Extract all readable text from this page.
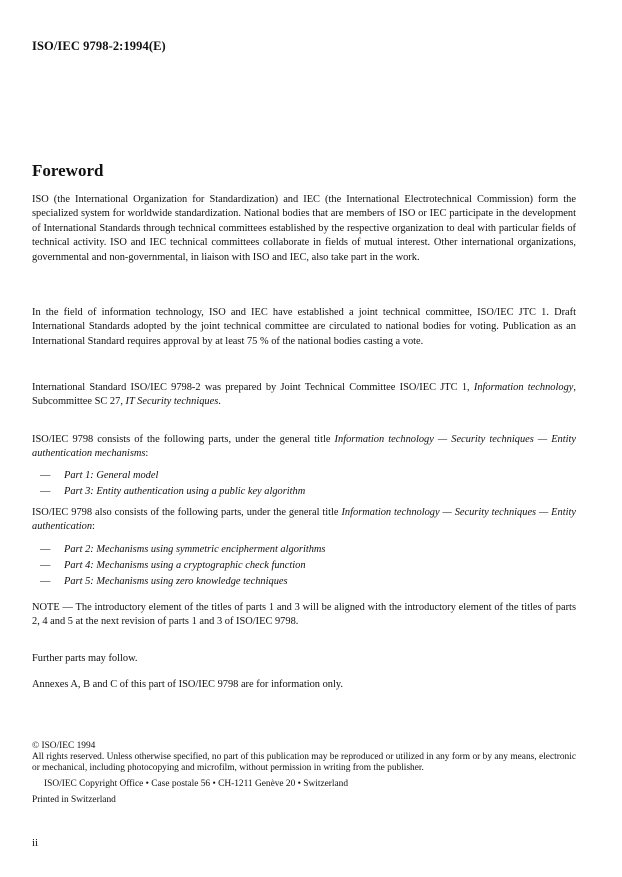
ISO/IEC 9798-2:1994(E)
Foreword

ISO (the International Organization for Standardization) and IEC (the International Electrotechnical Commission) form the specialized system for worldwide standardization. National bodies that are members of ISO or IEC participate in the development of International Standards through technical committees established by the respective organization to deal with particular fields of technical activity. ISO and IEC technical committees collaborate in fields of mutual interest. Other international organizations, governmental and non-governmental, in liaison with ISO and IEC, also take part in the work.

In the field of information technology, ISO and IEC have established a joint technical committee, ISO/IEC JTC 1. Draft International Standards adopted by the joint technical committee are circulated to national bodies for voting. Publication as an International Standard requires approval by at least 75 % of the national bodies casting a vote.

International Standard ISO/IEC 9798-2 was prepared by Joint Technical Committee ISO/IEC JTC 1, Information technology, Subcommittee SC 27, IT Security techniques.

ISO/IEC 9798 consists of the following parts, under the general title Information technology — Security techniques — Entity authentication mechanisms:

—	Part 1: General model
—	Part 3: Entity authentication using a public key algorithm

ISO/IEC 9798 also consists of the following parts, under the general title Information technology — Security techniques — Entity authentication:

—	Part 2: Mechanisms using symmetric encipherment algorithms
—	Part 4: Mechanisms using a cryptographic check function
—	Part 5: Mechanisms using zero knowledge techniques

NOTE — The introductory element of the titles of parts 1 and 3 will be aligned with the introductory element of the titles of parts 2, 4 and 5 at the next revision of parts 1 and 3 of ISO/IEC 9798.

Further parts may follow.

Annexes A, B and C of this part of ISO/IEC 9798 are for information only.

© ISO/IEC 1994

All rights reserved. Unless otherwise specified, no part of this publication may be reproduced or utilized in any form or by any means, electronic or mechanical, including photocopying and microfilm, without permission in writing from the publisher.

ISO/IEC Copyright Office • Case postale 56 • CH-1211 Genève 20 • Switzerland

Printed in Switzerland

ii
